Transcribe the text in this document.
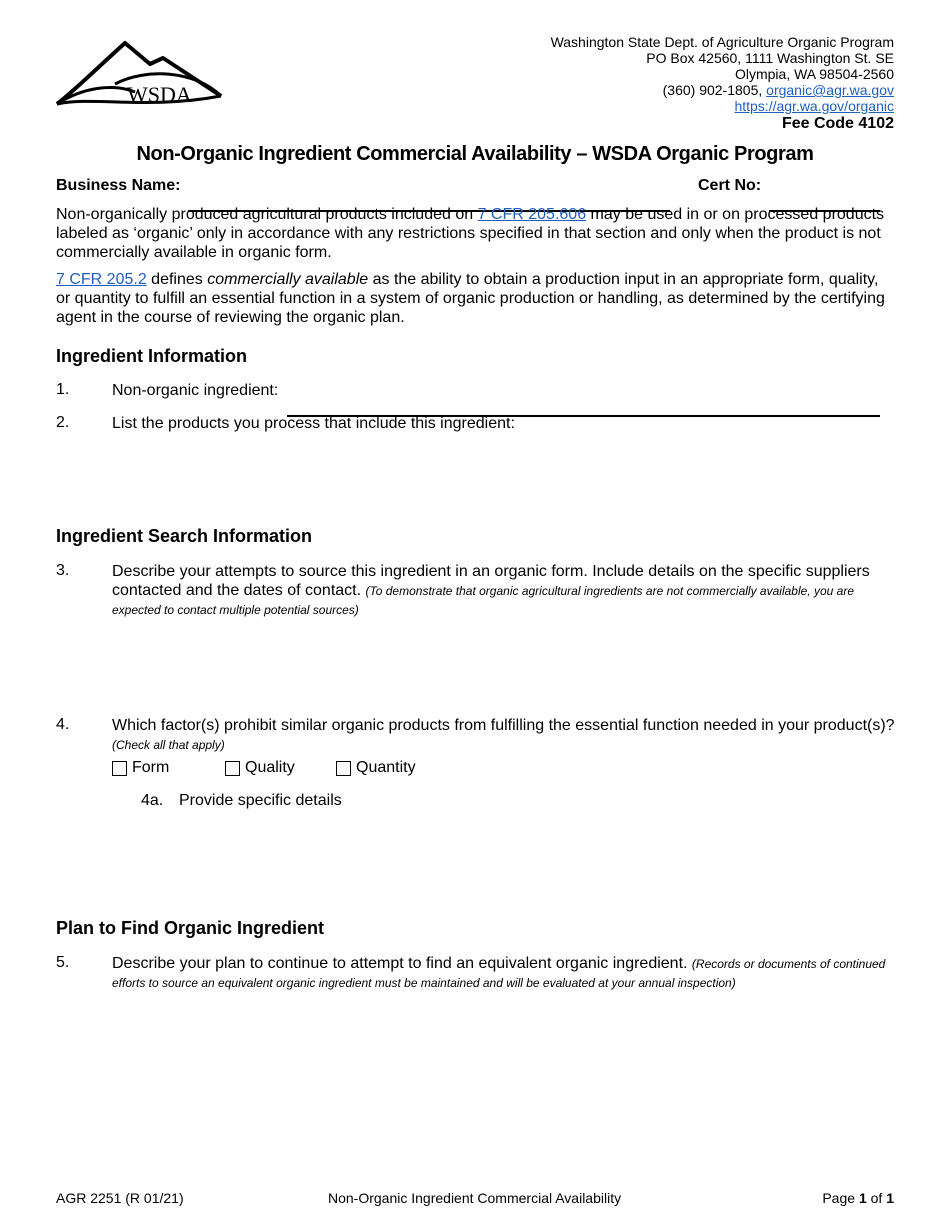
WSDA
Washington State Dept. of Agriculture Organic Program
PO Box 42560, 1111 Washington St. SE
Olympia, WA 98504-2560
(360) 902-1805, organic@agr.wa.gov
https://agr.wa.gov/organic
Fee Code 4102
Non-Organic Ingredient Commercial Availability – WSDA Organic Program
Business Name:	Cert No:
Non-organically produced agricultural products included on 7 CFR 205.606 may be used in or on processed products labeled as ‘organic’ only in accordance with any restrictions specified in that section and only when the product is not commercially available in organic form.
7 CFR 205.2 defines commercially available as the ability to obtain a production input in an appropriate form, quality, or quantity to fulfill an essential function in a system of organic production or handling, as determined by the certifying agent in the course of reviewing the organic plan.
Ingredient Information
1.	Non-organic ingredient:
2.	List the products you process that include this ingredient:
Ingredient Search Information
3.	Describe your attempts to source this ingredient in an organic form. Include details on the specific suppliers contacted and the dates of contact. (To demonstrate that organic agricultural ingredients are not commercially available, you are expected to contact multiple potential sources)
4.	Which factor(s) prohibit similar organic products from fulfilling the essential function needed in your product(s)? (Check all that apply)
Form	Quality	Quantity
4a. Provide specific details
Plan to Find Organic Ingredient
5.	Describe your plan to continue to attempt to find an equivalent organic ingredient. (Records or documents of continued efforts to source an equivalent organic ingredient must be maintained and will be evaluated at your annual inspection)
AGR 2251 (R 01/21)	Non-Organic Ingredient Commercial Availability	Page 1 of 1
